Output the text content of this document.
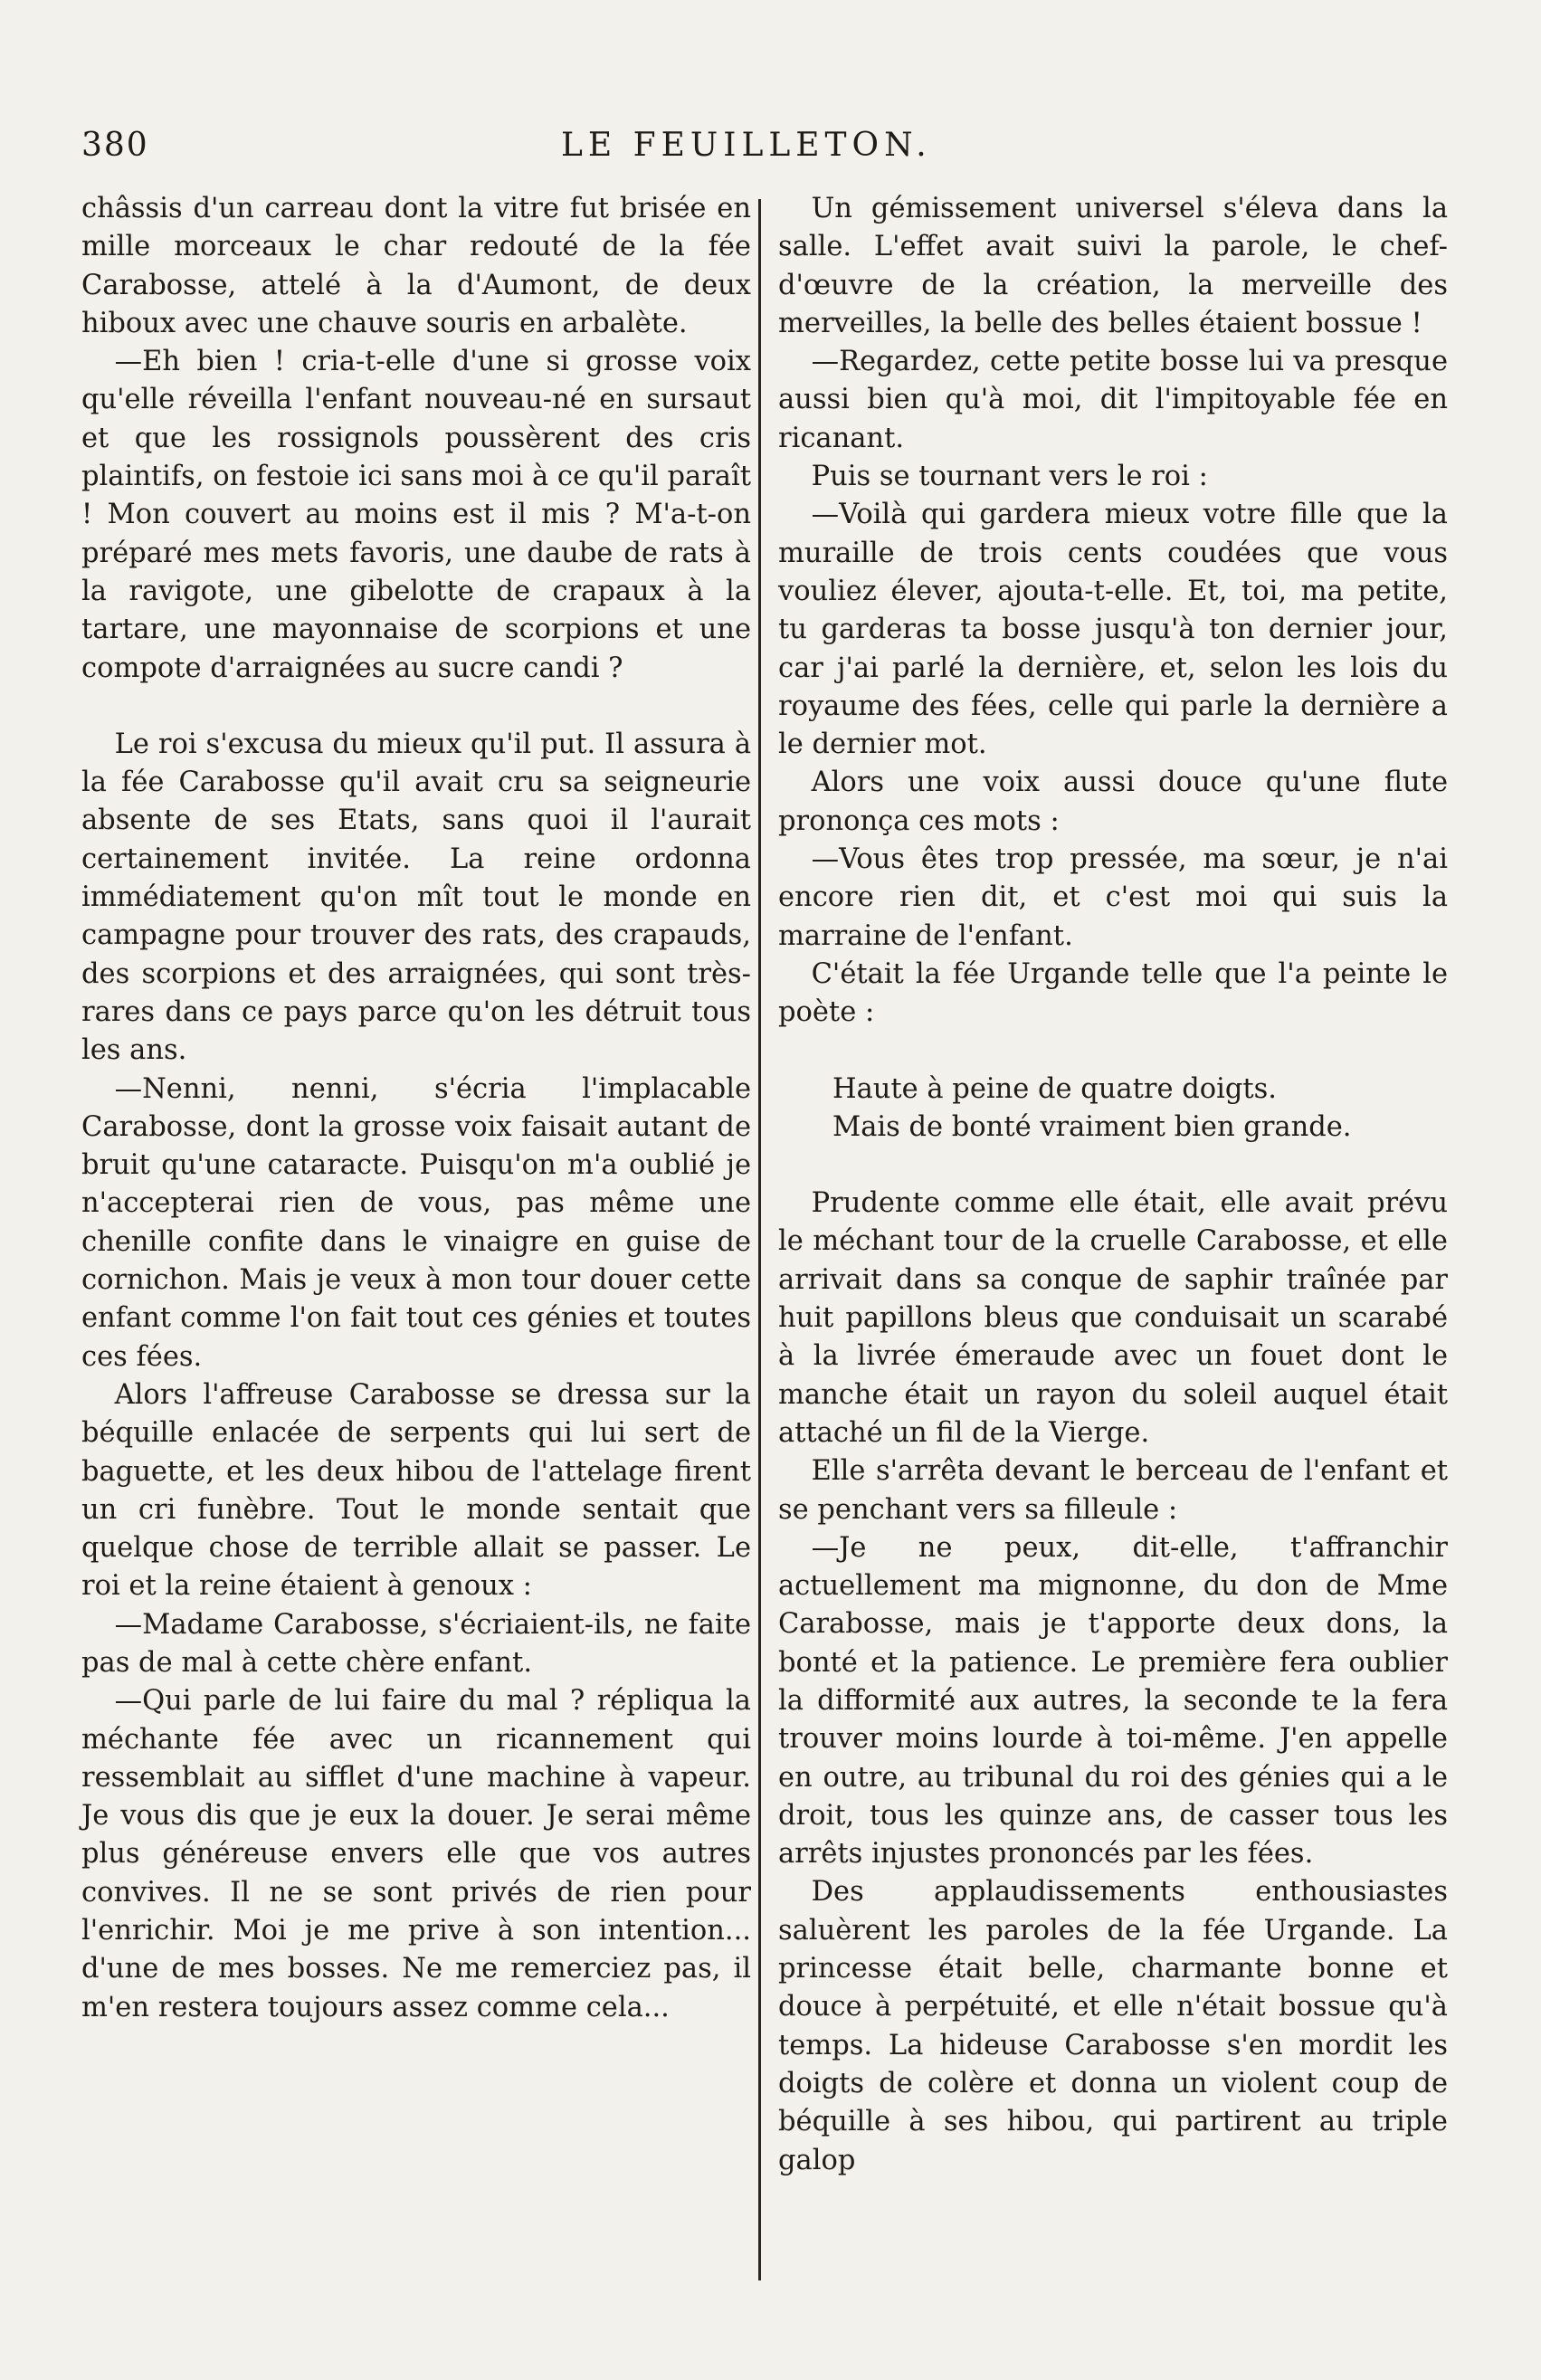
380	LE FEUILLETON.

châssis d'un carreau dont la vitre fut brisée en mille morceaux le char redouté de la fée Carabosse, attelé à la d'Aumont, de deux hiboux avec une chauve souris en arbalète.

—Eh bien ! cria-t-elle d'une si grosse voix qu'elle réveilla l'enfant nouveau-né en sursaut et que les rossignols poussèrent des cris plaintifs, on festoie ici sans moi à ce qu'il paraît ! Mon couvert au moins est il mis ? M'a-t-on préparé mes mets favoris, une daube de rats à la ravigote, une gibelotte de crapaux à la tartare, une mayonnaise de scorpions et une compote d'arraignées au sucre candi ?

Le roi s'excusa du mieux qu'il put. Il assura à la fée Carabosse qu'il avait cru sa seigneurie absente de ses Etats, sans quoi il l'aurait certainement invitée. La reine ordonna immédiatement qu'on mît tout le monde en campagne pour trouver des rats, des crapauds, des scorpions et des arraignées, qui sont très-rares dans ce pays parce qu'on les détruit tous les ans.

—Nenni, nenni, s'écria l'implacable Carabosse, dont la grosse voix faisait autant de bruit qu'une cataracte. Puisqu'on m'a oublié je n'accepterai rien de vous, pas même une chenille confite dans le vinaigre en guise de cornichon. Mais je veux à mon tour douer cette enfant comme l'on fait tout ces génies et toutes ces fées.

Alors l'affreuse Carabosse se dressa sur la béquille enlacée de serpents qui lui sert de baguette, et les deux hibou de l'attelage firent un cri funèbre. Tout le monde sentait que quelque chose de terrible allait se passer. Le roi et la reine étaient à genoux :

—Madame Carabosse, s'écriaient-ils, ne faite pas de mal à cette chère enfant.

—Qui parle de lui faire du mal ? répliqua la méchante fée avec un ricannement qui ressemblait au sifflet d'une machine à vapeur. Je vous dis que je eux la douer. Je serai même plus généreuse envers elle que vos autres convives. Il ne se sont privés de rien pour l'enrichir. Moi je me prive à son intention... d'une de mes bosses. Ne me remerciez pas, il m'en restera toujours assez comme cela...

Un gémissement universel s'éleva dans la salle. L'effet avait suivi la parole, le chef-d'œuvre de la création, la merveille des merveilles, la belle des belles étaient bossue !

—Regardez, cette petite bosse lui va presque aussi bien qu'à moi, dit l'impitoyable fée en ricanant.

Puis se tournant vers le roi :

—Voilà qui gardera mieux votre fille que la muraille de trois cents coudées que vous vouliez élever, ajouta-t-elle. Et, toi, ma petite, tu garderas ta bosse jusqu'à ton dernier jour, car j'ai parlé la dernière, et, selon les lois du royaume des fées, celle qui parle la dernière a le dernier mot.

Alors une voix aussi douce qu'une flute prononça ces mots :

—Vous êtes trop pressée, ma sœur, je n'ai encore rien dit, et c'est moi qui suis la marraine de l'enfant.

C'était la fée Urgande telle que l'a peinte le poète :

Haute à peine de quatre doigts.
Mais de bonté vraiment bien grande.

Prudente comme elle était, elle avait prévu le méchant tour de la cruelle Carabosse, et elle arrivait dans sa conque de saphir traînée par huit papillons bleus que conduisait un scarabé à la livrée émeraude avec un fouet dont le manche était un rayon du soleil auquel était attaché un fil de la Vierge.

Elle s'arrêta devant le berceau de l'enfant et se penchant vers sa filleule :

—Je ne peux, dit-elle, t'affranchir actuellement ma mignonne, du don de Mme Carabosse, mais je t'apporte deux dons, la bonté et la patience. Le première fera oublier la difformité aux autres, la seconde te la fera trouver moins lourde à toi-même. J'en appelle en outre, au tribunal du roi des génies qui a le droit, tous les quinze ans, de casser tous les arrêts injustes prononcés par les fées.

Des applaudissements enthousiastes saluèrent les paroles de la fée Urgande. La princesse était belle, charmante bonne et douce à perpétuité, et elle n'était bossue qu'à temps. La hideuse Carabosse s'en mordit les doigts de colère et donna un violent coup de béquille à ses hibou, qui partirent au triple galop
